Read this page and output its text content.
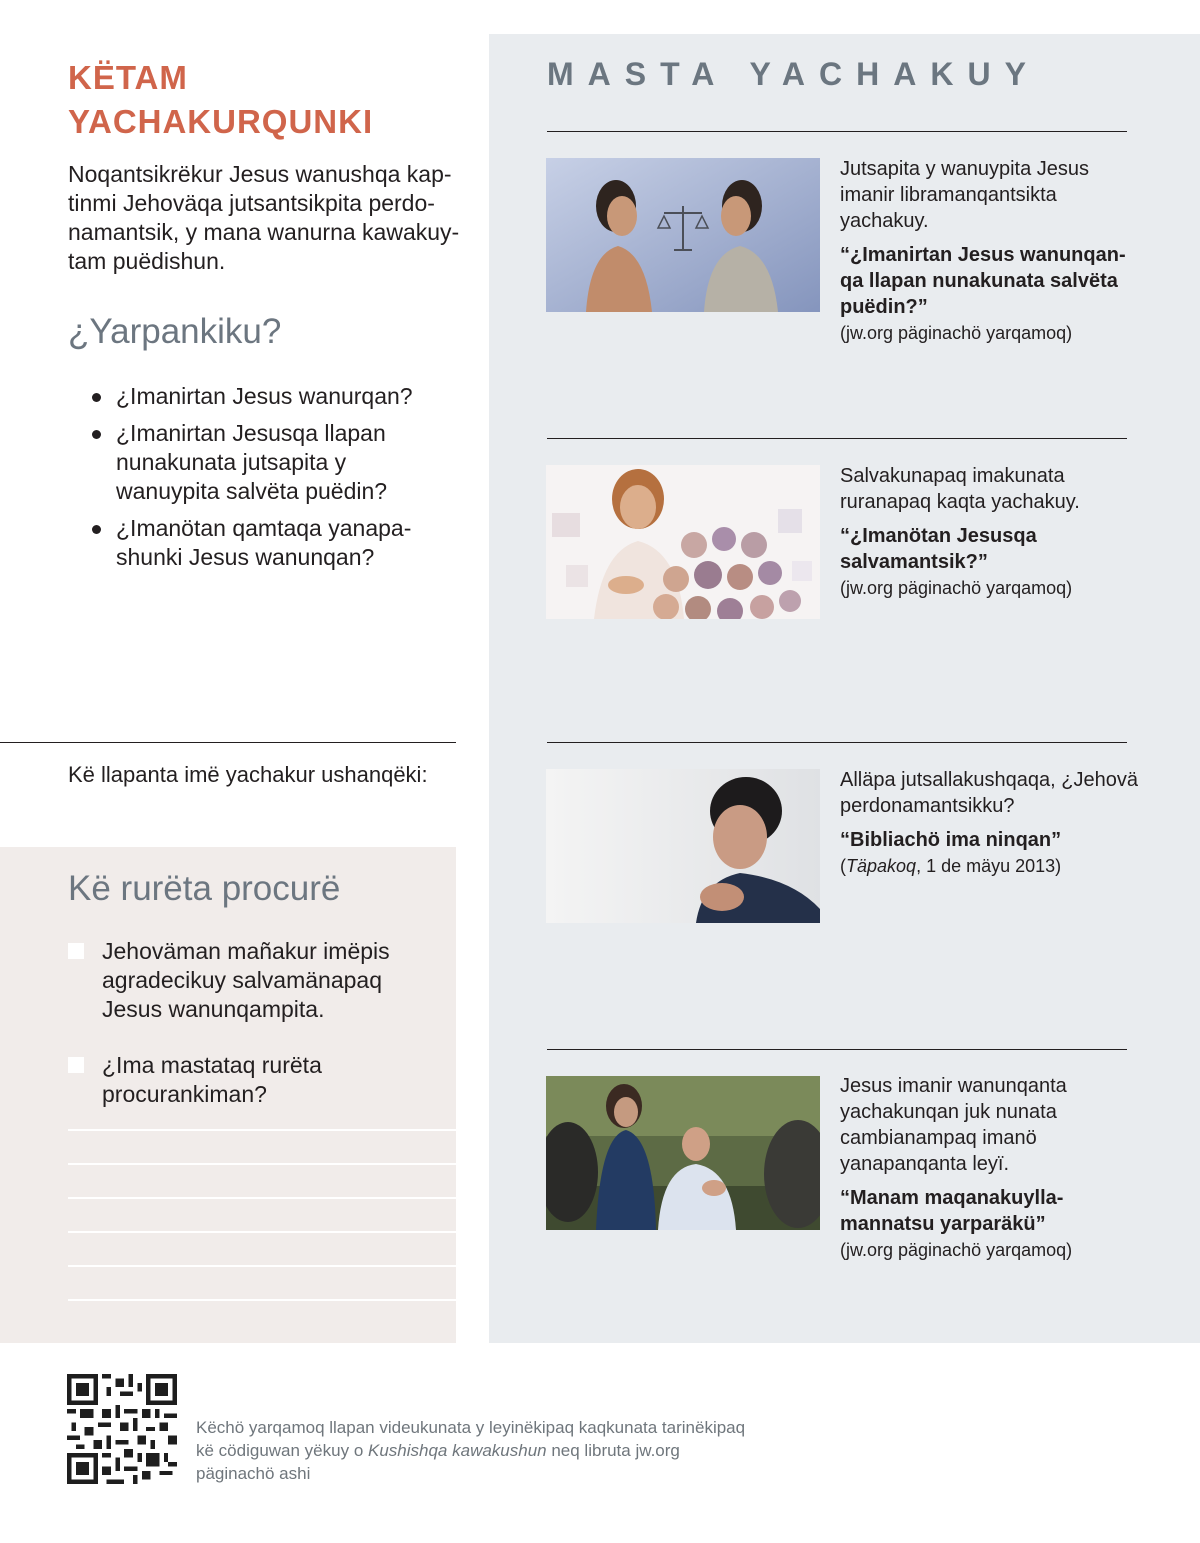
KËTAM
YACHAKURQUNKI

Noqantsikrëkur Jesus wanushqa kap- tinmi Jehoväqa jutsantsikpita perdo- namantsik, y mana wanurna kawakuy- tam puëdishun.

¿Yarpankiku?
¿Imanirtan Jesus wanurqan?
¿Imanirtan Jesusqa llapan nunakunata jutsapita y wanuypita salvëta puëdin?
¿Imanötan qamtaqa yanapa- shunki Jesus wanunqan?

Kë llapanta imë yachakur ushanqëki:

Kë rurëta procurë
Jehoväman mañakur imëpis agradecikuy salvamänapaq Jesus wanunqampita.
¿Ima mastataq rurëta procurankiman?
MASTA YACHAKUY

Jutsapita y wanuypita Jesus imanir libramanqantsikta yachakuy.

“¿Imanirtan Jesus wanunqan- qa llapan nunakunata salvëta puëdin?”

(jw.org päginachö yarqamoq)

Salvakunapaq imakunata ruranapaq kaqta yachakuy.

“¿Imanötan Jesusqa salvamantsik?”

(jw.org päginachö yarqamoq)

Alläpa jutsallakushqaqa, ¿Jehovä perdonamantsikku?

“Bibliachö ima ninqan”

(Täpakoq, 1 de mäyu 2013)

Jesus imanir wanunqanta yachakunqan juk nunata cambianampaq imanö yanapanqanta leyï.

“Manam maqanakuylla- mannatsu yarparäkü”

(jw.org päginachö yarqamoq)

Këchö yarqamoq llapan videukunata y leyinëkipaq kaqkunata tarinëkipaq kë cödiguwan yëkuy o Kushishqa kawakushun neq libruta jw.org päginachö ashi
